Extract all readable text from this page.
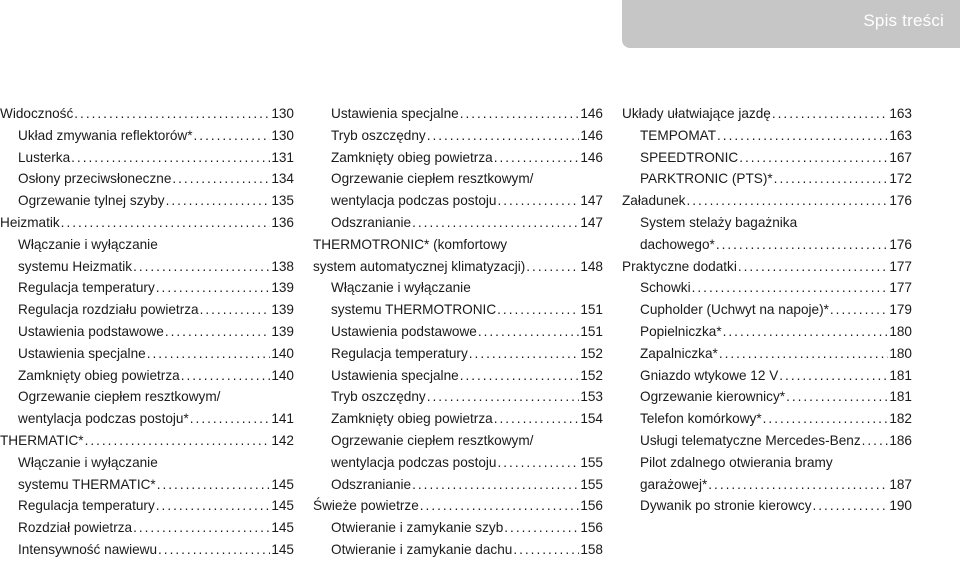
Spis treści
Widoczność .....	130
Układ zmywania reflektorów* .....	130
Lusterka .....	131
Osłony przeciwsłoneczne .....	134
Ogrzewanie tylnej szyby .....	135
Heizmatik .....	136
Włączanie i wyłączanie
systemu Heizmatik .....	138
Regulacja temperatury .....	139
Regulacja rozdziału powietrza .....	139
Ustawienia podstawowe .....	139
Ustawienia specjalne .....	140
Zamknięty obieg powietrza .....	140
Ogrzewanie ciepłem resztkowym/
wentylacja podczas postoju* .....	141
THERMATIC* .....	142
Włączanie i wyłączanie
systemu THERMATIC* .....	145
Regulacja temperatury .....	145
Rozdział powietrza .....	145
Intensywność nawiewu .....	145
Ustawienia specjalne .....	146
Tryb oszczędny .....	146
Zamknięty obieg powietrza .....	146
Ogrzewanie ciepłem resztkowym/
wentylacja podczas postoju .....	147
Odszranianie .....	147
THERMOTRONIC* (komfortowy
system automatycznej klimatyzacji) .....	148
Włączanie i wyłączanie
systemu THERMOTRONIC .....	151
Ustawienia podstawowe .....	151
Regulacja temperatury .....	152
Ustawienia specjalne .....	152
Tryb oszczędny .....	153
Zamknięty obieg powietrza .....	154
Ogrzewanie ciepłem resztkowym/
wentylacja podczas postoju .....	155
Odszranianie .....	155
Świeże powietrze .....	156
Otwieranie i zamykanie szyb .....	156
Otwieranie i zamykanie dachu .....	158
Układy ułatwiające jazdę .....	163
TEMPOMAT .....	163
SPEEDTRONIC .....	167
PARKTRONIC (PTS)* .....	172
Załadunek .....	176
System stelaży bagażnika
dachowego* .....	176
Praktyczne dodatki .....	177
Schowki .....	177
Cupholder (Uchwyt na napoje)* .....	179
Popielniczka* .....	180
Zapalniczka* .....	180
Gniazdo wtykowe 12 V .....	181
Ogrzewanie kierownicy* .....	181
Telefon komórkowy* .....	182
Usługi telematyczne Mercedes-Benz ..... 186
Pilot zdalnego otwierania bramy
garażowej* .....	187
Dywanik po stronie kierowcy .....	190
